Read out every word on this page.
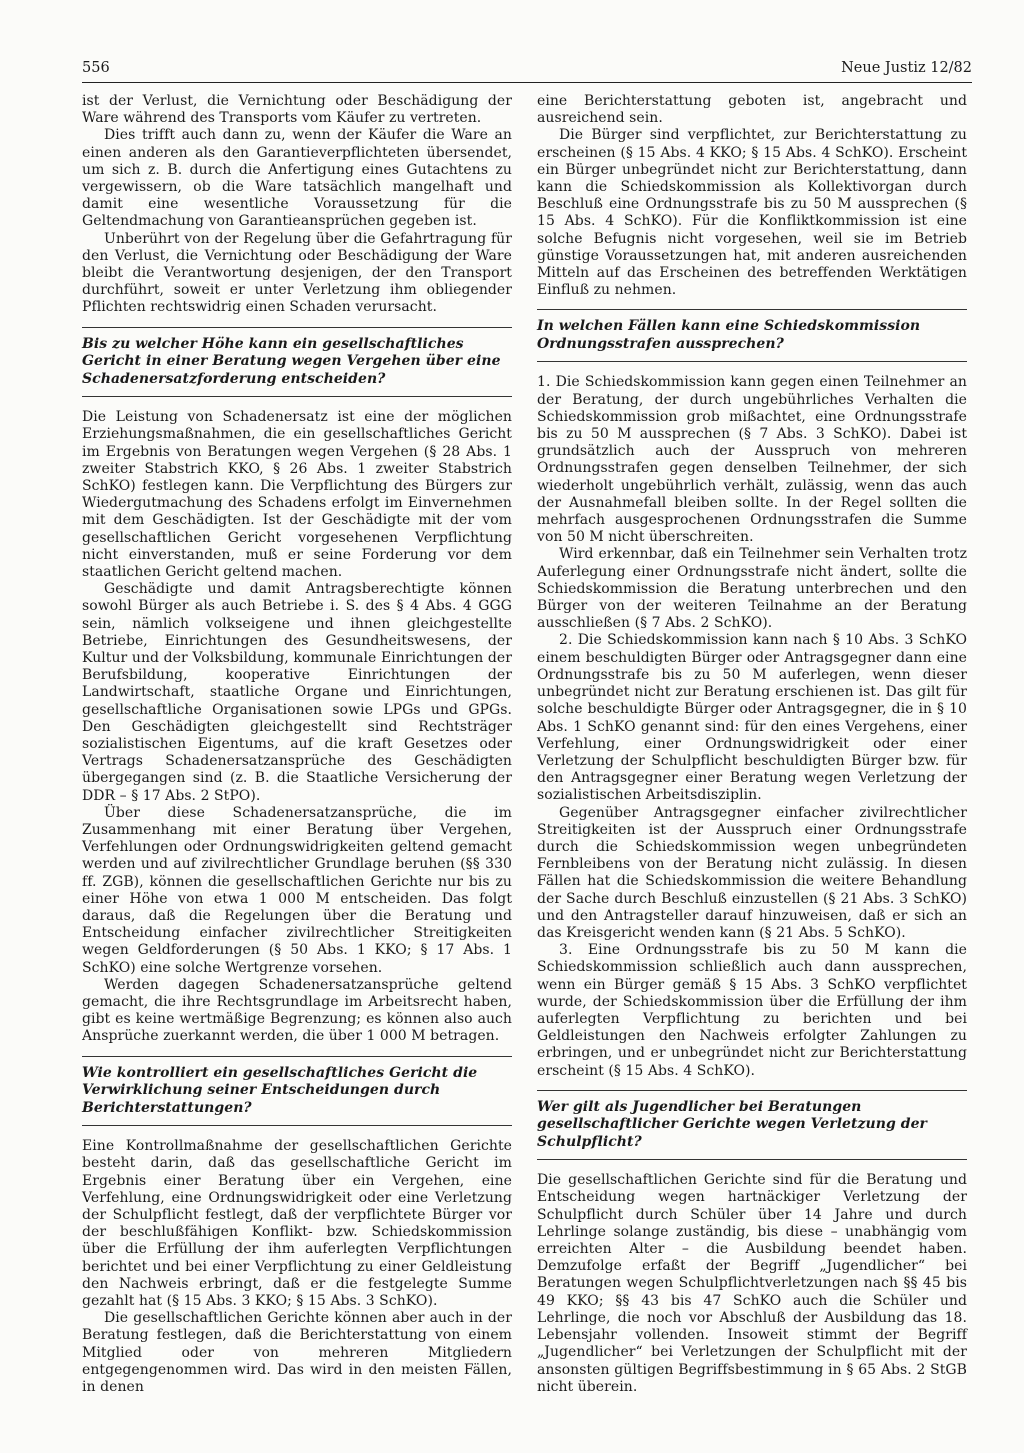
556	Neue Justiz 12/82

ist der Verlust, die Vernichtung oder Beschädigung der Ware während des Transports vom Käufer zu vertreten.

Dies trifft auch dann zu, wenn der Käufer die Ware an einen anderen als den Garantieverpflichteten übersendet, um sich z. B. durch die Anfertigung eines Gutachtens zu vergewissern, ob die Ware tatsächlich mangelhaft und damit eine wesentliche Voraussetzung für die Geltendmachung von Garantieansprüchen gegeben ist.

Unberührt von der Regelung über die Gefahrtragung für den Verlust, die Vernichtung oder Beschädigung der Ware bleibt die Verantwortung desjenigen, der den Transport durchführt, soweit er unter Verletzung ihm obliegender Pflichten rechtswidrig einen Schaden verursacht.

Bis zu welcher Höhe kann ein gesellschaftliches Gericht in einer Beratung wegen Vergehen über eine Schadenersatzforderung entscheiden?

Die Leistung von Schadenersatz ist eine der möglichen Erziehungsmaßnahmen, die ein gesellschaftliches Gericht im Ergebnis von Beratungen wegen Vergehen (§ 28 Abs. 1 zweiter Stabstrich KKO, § 26 Abs. 1 zweiter Stabstrich SchKO) festlegen kann. Die Verpflichtung des Bürgers zur Wiedergutmachung des Schadens erfolgt im Einvernehmen mit dem Geschädigten. Ist der Geschädigte mit der vom gesellschaftlichen Gericht vorgesehenen Verpflichtung nicht einverstanden, muß er seine Forderung vor dem staatlichen Gericht geltend machen.

Geschädigte und damit Antragsberechtigte können sowohl Bürger als auch Betriebe i. S. des § 4 Abs. 4 GGG sein, nämlich volkseigene und ihnen gleichgestellte Betriebe, Einrichtungen des Gesundheitswesens, der Kultur und der Volksbildung, kommunale Einrichtungen der Berufsbildung, kooperative Einrichtungen der Landwirtschaft, staatliche Organe und Einrichtungen, gesellschaftliche Organisationen sowie LPGs und GPGs. Den Geschädigten gleichgestellt sind Rechtsträger sozialistischen Eigentums, auf die kraft Gesetzes oder Vertrags Schadenersatzansprüche des Geschädigten übergegangen sind (z. B. die Staatliche Versicherung der DDR – § 17 Abs. 2 StPO).

Über diese Schadenersatzansprüche, die im Zusammenhang mit einer Beratung über Vergehen, Verfehlungen oder Ordnungswidrigkeiten geltend gemacht werden und auf zivilrechtlicher Grundlage beruhen (§§ 330 ff. ZGB), können die gesellschaftlichen Gerichte nur bis zu einer Höhe von etwa 1 000 M entscheiden. Das folgt daraus, daß die Regelungen über die Beratung und Entscheidung einfacher zivilrechtlicher Streitigkeiten wegen Geldforderungen (§ 50 Abs. 1 KKO; § 17 Abs. 1 SchKO) eine solche Wertgrenze vorsehen.

Werden dagegen Schadenersatzansprüche geltend gemacht, die ihre Rechtsgrundlage im Arbeitsrecht haben, gibt es keine wertmäßige Begrenzung; es können also auch Ansprüche zuerkannt werden, die über 1 000 M betragen.

Wie kontrolliert ein gesellschaftliches Gericht die Verwirklichung seiner Entscheidungen durch Berichterstattungen?

Eine Kontrollmaßnahme der gesellschaftlichen Gerichte besteht darin, daß das gesellschaftliche Gericht im Ergebnis einer Beratung über ein Vergehen, eine Verfehlung, eine Ordnungswidrigkeit oder eine Verletzung der Schulpflicht festlegt, daß der verpflichtete Bürger vor der beschlußfähigen Konflikt- bzw. Schiedskommission über die Erfüllung der ihm auferlegten Verpflichtungen berichtet und bei einer Verpflichtung zu einer Geldleistung den Nachweis erbringt, daß er die festgelegte Summe gezahlt hat (§ 15 Abs. 3 KKO; § 15 Abs. 3 SchKO).

Die gesellschaftlichen Gerichte können aber auch in der Beratung festlegen, daß die Berichterstattung von einem Mitglied oder von mehreren Mitgliedern entgegengenommen wird. Das wird in den meisten Fällen, in denen

eine Berichterstattung geboten ist, angebracht und ausreichend sein.

Die Bürger sind verpflichtet, zur Berichterstattung zu erscheinen (§ 15 Abs. 4 KKO; § 15 Abs. 4 SchKO). Erscheint ein Bürger unbegründet nicht zur Berichterstattung, dann kann die Schiedskommission als Kollektivorgan durch Beschluß eine Ordnungsstrafe bis zu 50 M aussprechen (§ 15 Abs. 4 SchKO). Für die Konfliktkommission ist eine solche Befugnis nicht vorgesehen, weil sie im Betrieb günstige Voraussetzungen hat, mit anderen ausreichenden Mitteln auf das Erscheinen des betreffenden Werktätigen Einfluß zu nehmen.

In welchen Fällen kann eine Schiedskommission Ordnungsstrafen aussprechen?

1. Die Schiedskommission kann gegen einen Teilnehmer an der Beratung, der durch ungebührliches Verhalten die Schiedskommission grob mißachtet, eine Ordnungsstrafe bis zu 50 M aussprechen (§ 7 Abs. 3 SchKO). Dabei ist grundsätzlich auch der Ausspruch von mehreren Ordnungsstrafen gegen denselben Teilnehmer, der sich wiederholt ungebührlich verhält, zulässig, wenn das auch der Ausnahmefall bleiben sollte. In der Regel sollten die mehrfach ausgesprochenen Ordnungsstrafen die Summe von 50 M nicht überschreiten.

Wird erkennbar, daß ein Teilnehmer sein Verhalten trotz Auferlegung einer Ordnungsstrafe nicht ändert, sollte die Schiedskommission die Beratung unterbrechen und den Bürger von der weiteren Teilnahme an der Beratung ausschließen (§ 7 Abs. 2 SchKO).

2. Die Schiedskommission kann nach § 10 Abs. 3 SchKO einem beschuldigten Bürger oder Antragsgegner dann eine Ordnungsstrafe bis zu 50 M auferlegen, wenn dieser unbegründet nicht zur Beratung erschienen ist. Das gilt für solche beschuldigte Bürger oder Antragsgegner, die in § 10 Abs. 1 SchKO genannt sind: für den eines Vergehens, einer Verfehlung, einer Ordnungswidrigkeit oder einer Verletzung der Schulpflicht beschuldigten Bürger bzw. für den Antragsgegner einer Beratung wegen Verletzung der sozialistischen Arbeitsdisziplin.

Gegenüber Antragsgegner einfacher zivilrechtlicher Streitigkeiten ist der Ausspruch einer Ordnungsstrafe durch die Schiedskommission wegen unbegründeten Fernbleibens von der Beratung nicht zulässig. In diesen Fällen hat die Schiedskommission die weitere Behandlung der Sache durch Beschluß einzustellen (§ 21 Abs. 3 SchKO) und den Antragsteller darauf hinzuweisen, daß er sich an das Kreisgericht wenden kann (§ 21 Abs. 5 SchKO).

3. Eine Ordnungsstrafe bis zu 50 M kann die Schiedskommission schließlich auch dann aussprechen, wenn ein Bürger gemäß § 15 Abs. 3 SchKO verpflichtet wurde, der Schiedskommission über die Erfüllung der ihm auferlegten Verpflichtung zu berichten und bei Geldleistungen den Nachweis erfolgter Zahlungen zu erbringen, und er unbegründet nicht zur Berichterstattung erscheint (§ 15 Abs. 4 SchKO).

Wer gilt als Jugendlicher bei Beratungen gesellschaftlicher Gerichte wegen Verletzung der Schulpflicht?

Die gesellschaftlichen Gerichte sind für die Beratung und Entscheidung wegen hartnäckiger Verletzung der Schulpflicht durch Schüler über 14 Jahre und durch Lehrlinge solange zuständig, bis diese – unabhängig vom erreichten Alter – die Ausbildung beendet haben. Demzufolge erfaßt der Begriff „Jugendlicher“ bei Beratungen wegen Schulpflichtverletzungen nach §§ 45 bis 49 KKO; §§ 43 bis 47 SchKO auch die Schüler und Lehrlinge, die noch vor Abschluß der Ausbildung das 18. Lebensjahr vollenden. Insoweit stimmt der Begriff „Jugendlicher“ bei Verletzungen der Schulpflicht mit der ansonsten gültigen Begriffsbestimmung in § 65 Abs. 2 StGB nicht überein.
